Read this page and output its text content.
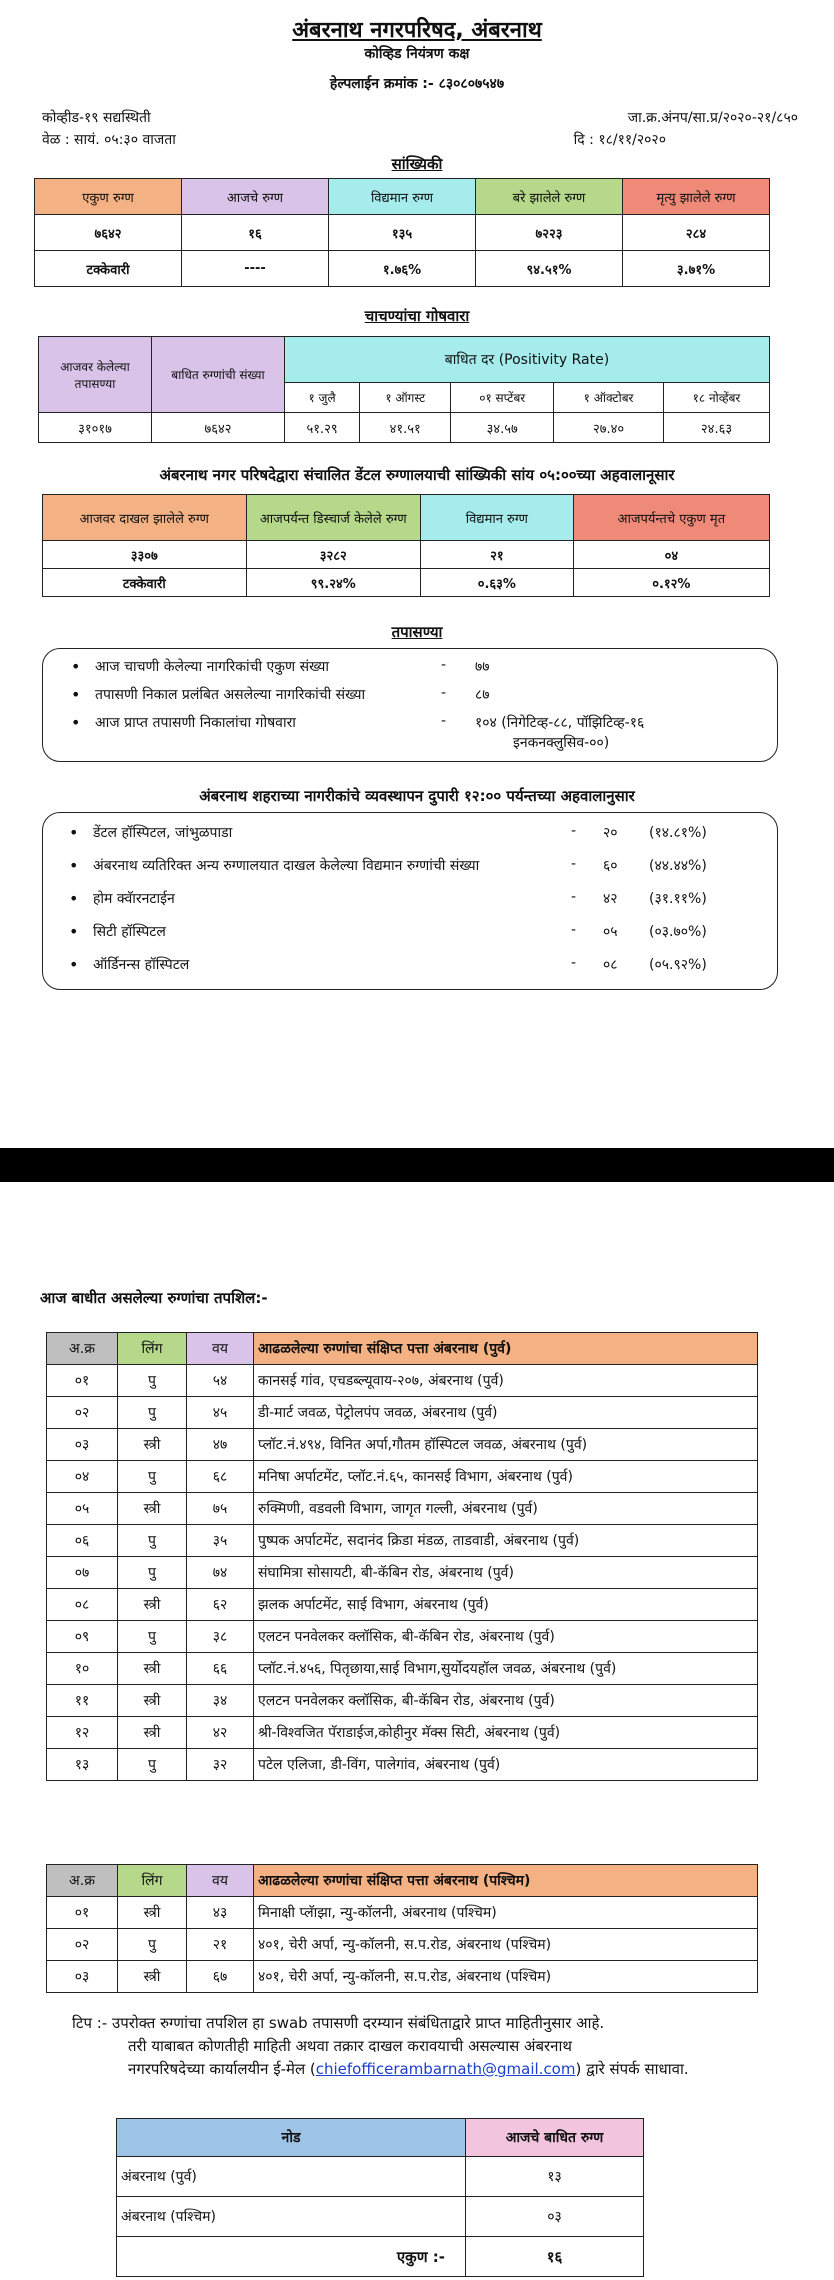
अंबरनाथ नगरपरिषद, अंबरनाथ
कोव्हिड नियंत्रण कक्ष
हेल्पलाईन क्रमांक :- ८३०८०७५४७
कोव्हीड-१९ सद्यस्थिती
वेळ : सायं. ०५:३० वाजता
जा.क्र.अंनप/सा.प्र/२०२०-२१/८५०
दि : १८/११/२०२०
सांख्यिकी
एकुण रुग्ण	आजचे रुग्ण	विद्यमान रुग्ण	बरे झालेले रुग्ण	मृत्यु झालेले रुग्ण
७६४२	१६	१३५	७२२३	२८४
टक्केवारी	----	१.७६%	९४.५१%	३.७१%
चाचण्यांचा गोषवारा
आजवर केलेल्या तपासण्या	बाधित रुग्णांची संख्या	बाधित दर (Positivity Rate)				
		१ जुलै	१ ऑगस्ट	०१ सप्टेंबर	१ ऑक्टोबर	१८ नोव्हेंबर
३१०१७	७६४२	५१.२९	४१.५१	३४.५७	२७.४०	२४.६३
अंबरनाथ नगर परिषदेद्वारा संचालित डेंटल रुग्णालयाची सांख्यिकी सांय ०५:००च्या अहवालानूसार
आजवर दाखल झालेले रुग्ण	आजपर्यन्त डिस्चार्ज केलेले रुग्ण	विद्यमान रुग्ण	आजपर्यन्तचे एकुण मृत
३३०७	३२८२	२१	०४
टक्केवारी	९९.२४%	०.६३%	०.१२%
तपासण्या
• आज चाचणी केलेल्या नागरिकांची एकुण संख्या	- ७७
• तपासणी निकाल प्रलंबित असलेल्या नागरिकांची संख्या	- ८७
• आज प्राप्त तपासणी निकालांचा गोषवारा	- १०४ (निगेटिव्ह-८८, पॉझिटिव्ह-१६
इनकनक्लुसिव-००)
अंबरनाथ शहराच्या नागरीकांचे व्यवस्थापन दुपारी १२:०० पर्यन्तच्या अहवालानुसार
• डेंटल हॉस्पिटल, जांभुळपाडा	- २० (१४.८१%)
• अंबरनाथ व्यतिरिक्त अन्य रुग्णालयात दाखल केलेल्या विद्यमान रुग्णांची संख्या	- ६० (४४.४४%)
• होम क्वॅारनटाईन	- ४२ (३१.११%)
• सिटी हॉस्पिटल	- ०५ (०३.७०%)
• ऑर्डिनन्स हॉस्पिटल	- ०८ (०५.९२%)
आज बाधीत असलेल्या रुग्णांचा तपशिल:-
अ.क्र	लिंग	वय	आढळलेल्या रुग्णांचा संक्षिप्त पत्ता अंबरनाथ (पुर्व)
०१	पु	५४	कानसई गांव, एचडब्ल्यूवाय-२०७, अंबरनाथ (पुर्व)
०२	पु	४५	डी-मार्ट जवळ, पेट्रोलपंप जवळ, अंबरनाथ (पुर्व)
०३	स्त्री	४७	प्लॉट.नं.४९४, विनित अर्पा,गौतम हॉस्पिटल जवळ, अंबरनाथ (पुर्व)
०४	पु	६८	मनिषा अर्पाटमेंट, प्लॉट.नं.६५, कानसई विभाग, अंबरनाथ (पुर्व)
०५	स्त्री	७५	रुक्मिणी, वडवली विभाग, जागृत गल्ली, अंबरनाथ (पुर्व)
०६	पु	३५	पुष्पक अर्पाटमेंट, सदानंद क्रिडा मंडळ, ताडवाडी, अंबरनाथ (पुर्व)
०७	पु	७४	संघामित्रा सोसायटी, बी-कॅबिन रोड, अंबरनाथ (पुर्व)
०८	स्त्री	६२	झलक अर्पाटमेंट, साई विभाग, अंबरनाथ (पुर्व)
०९	पु	३८	एलटन पनवेलकर क्लॉसिक, बी-कॅबिन रोड, अंबरनाथ (पुर्व)
१०	स्त्री	६६	प्लॉट.नं.४५६, पितृछाया,साई विभाग,सुर्योदयहॉल जवळ, अंबरनाथ (पुर्व)
११	स्त्री	३४	एलटन पनवेलकर क्लॉसिक, बी-कॅबिन रोड, अंबरनाथ (पुर्व)
१२	स्त्री	४२	श्री-विश्वजित पॅराडाईज,कोहीनुर मॅक्स सिटी, अंबरनाथ (पुर्व)
१३	पु	३२	पटेल एलिजा, डी-विंग, पालेगांव, अंबरनाथ (पुर्व)
अ.क्र	लिंग	वय	आढळलेल्या रुग्णांचा संक्षिप्त पत्ता अंबरनाथ (पश्चिम)
०१	स्त्री	४३	मिनाक्षी प्लॅाझा, न्यु-कॉलनी, अंबरनाथ (पश्चिम)
०२	पु	२१	४०१, चेरी अर्पा, न्यु-कॉलनी, स.प.रोड, अंबरनाथ (पश्चिम)
०३	स्त्री	६७	४०१, चेरी अर्पा, न्यु-कॉलनी, स.प.रोड, अंबरनाथ (पश्चिम)
टिप :- उपरोक्त रुग्णांचा तपशिल हा swab तपासणी दरम्यान संबंधिताद्वारे प्राप्त माहितीनुसार आहे.
तरी याबाबत कोणतीही माहिती अथवा तक्रार दाखल करावयाची असल्यास अंबरनाथ
नगरपरिषदेच्या कार्यालयीन ई-मेल (chiefofficerambarnath@gmail.com) द्वारे संपर्क साधावा.
नोड	आजचे बाधित रुग्ण
अंबरनाथ (पुर्व)	१३
अंबरनाथ (पश्चिम)	०३
एकुण :-	१६
